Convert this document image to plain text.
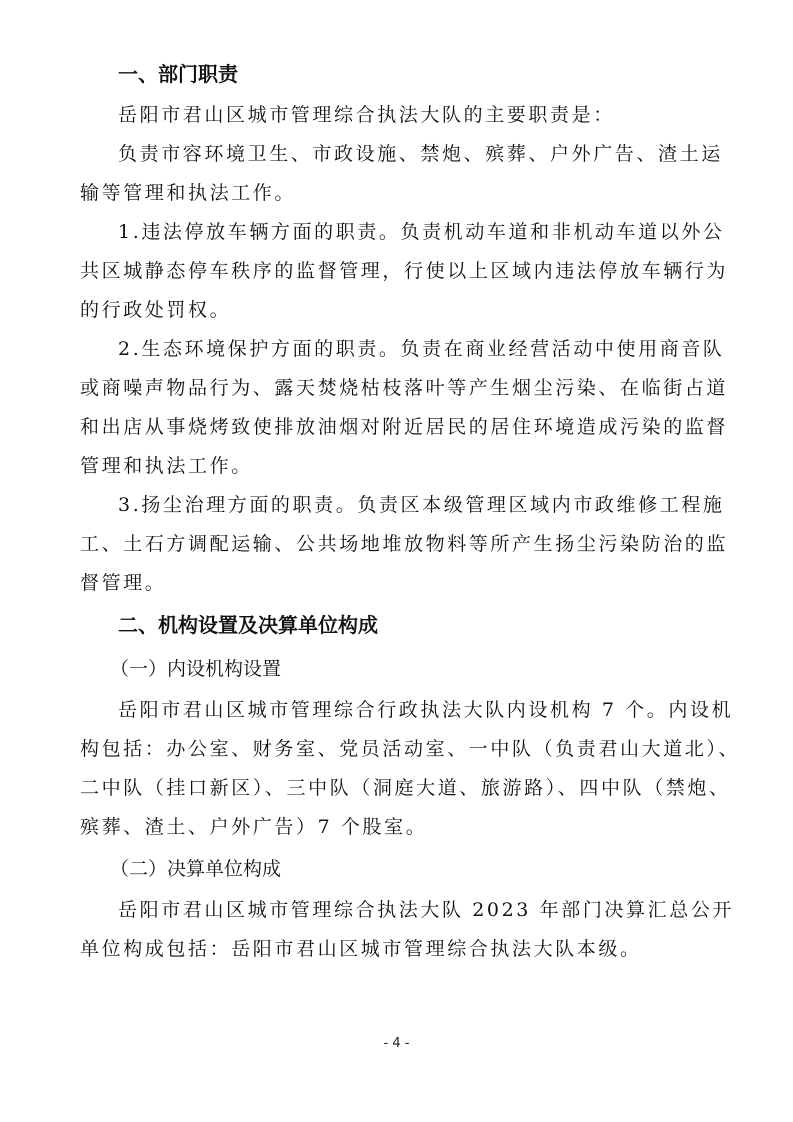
一、部门职责
岳阳市君山区城市管理综合执法大队的主要职责是：
负责市容环境卫生、市政设施、禁炮、殡葬、户外广告、渣土运
输等管理和执法工作。
1.违法停放车辆方面的职责。负责机动车道和非机动车道以外公
共区城静态停车秩序的监督管理，行使以上区域内违法停放车辆行为
的行政处罚权。
2.生态环境保护方面的职责。负责在商业经营活动中使用商音队
或商噪声物品行为、露天焚烧枯枝落叶等产生烟尘污染、在临街占道
和出店从事烧烤致使排放油烟对附近居民的居住环境造成污染的监督
管理和执法工作。
3.扬尘治理方面的职责。负责区本级管理区域内市政维修工程施
工、土石方调配运输、公共场地堆放物料等所产生扬尘污染防治的监
督管理。
二、机构设置及决算单位构成
（一）内设机构设置
岳阳市君山区城市管理综合行政执法大队内设机构 7 个。内设机
构包括：办公室、财务室、党员活动室、一中队（负责君山大道北）、
二中队（挂口新区）、三中队（洞庭大道、旅游路）、四中队（禁炮、
殡葬、渣土、户外广告）7 个股室。
（二）决算单位构成
岳阳市君山区城市管理综合执法大队 2023 年部门决算汇总公开
单位构成包括：岳阳市君山区城市管理综合执法大队本级。
- 4 -
